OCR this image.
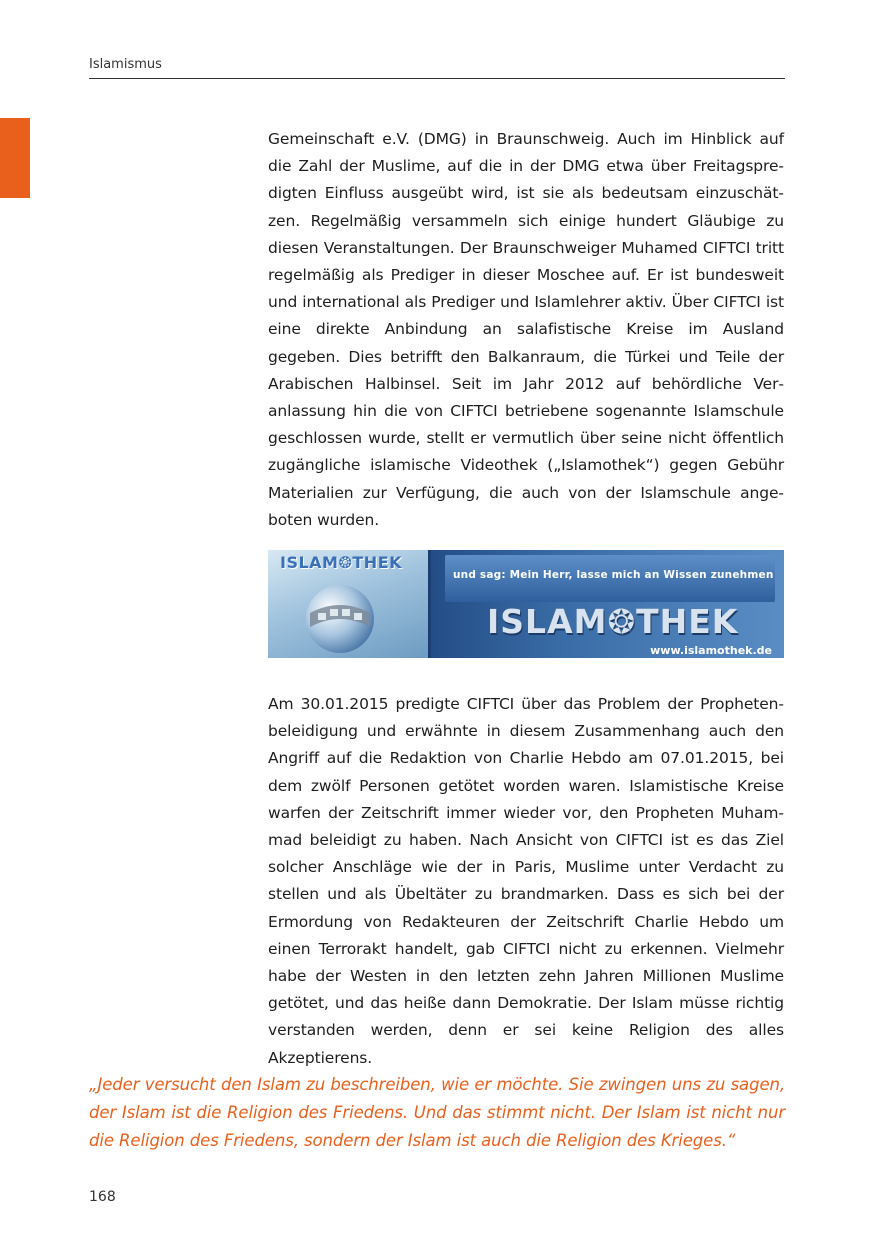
Islamismus

Gemeinschaft e.V. (DMG) in Braunschweig. Auch im Hinblick auf die Zahl der Muslime, auf die in der DMG etwa über Freitagspredigten Einfluss ausgeübt wird, ist sie als bedeutsam einzuschätzen. Regelmäßig versammeln sich einige hundert Gläubige zu diesen Veranstaltungen. Der Braunschweiger Muhamed CIFTCI tritt regelmäßig als Prediger in dieser Moschee auf. Er ist bundesweit und international als Prediger und Islamlehrer aktiv. Über CIFTCI ist eine direkte Anbindung an salafistische Kreise im Ausland gegeben. Dies betrifft den Balkanraum, die Türkei und Teile der Arabischen Halbinsel. Seit im Jahr 2012 auf behördliche Veranlassung hin die von CIFTCI betriebene sogenannte Islamschule geschlossen wurde, stellt er vermutlich über seine nicht öffentlich zugängliche islamische Videothek („Islamothek“) gegen Gebühr Materialien zur Verfügung, die auch von der Islamschule angeboten wurden.

ISLAM❂THEK
und sag: Mein Herr, lasse mich an Wissen zunehmen
ISLAM❂THEK
www.islamothek.de

Am 30.01.2015 predigte CIFTCI über das Problem der Prophetenbeleidigung und erwähnte in diesem Zusammenhang auch den Angriff auf die Redaktion von Charlie Hebdo am 07.01.2015, bei dem zwölf Personen getötet worden waren. Islamistische Kreise warfen der Zeitschrift immer wieder vor, den Propheten Muhammad beleidigt zu haben. Nach Ansicht von CIFTCI ist es das Ziel solcher Anschläge wie der in Paris, Muslime unter Verdacht zu stellen und als Übeltäter zu brandmarken. Dass es sich bei der Ermordung von Redakteuren der Zeitschrift Charlie Hebdo um einen Terrorakt handelt, gab CIFTCI nicht zu erkennen. Vielmehr habe der Westen in den letzten zehn Jahren Millionen Muslime getötet, und das heiße dann Demokratie. Der Islam müsse richtig verstanden werden, denn er sei keine Religion des alles Akzeptierens.

„Jeder versucht den Islam zu beschreiben, wie er möchte. Sie zwingen uns zu sagen, der Islam ist die Religion des Friedens. Und das stimmt nicht. Der Islam ist nicht nur die Religion des Friedens, sondern der Islam ist auch die Religion des Krieges.“

168
